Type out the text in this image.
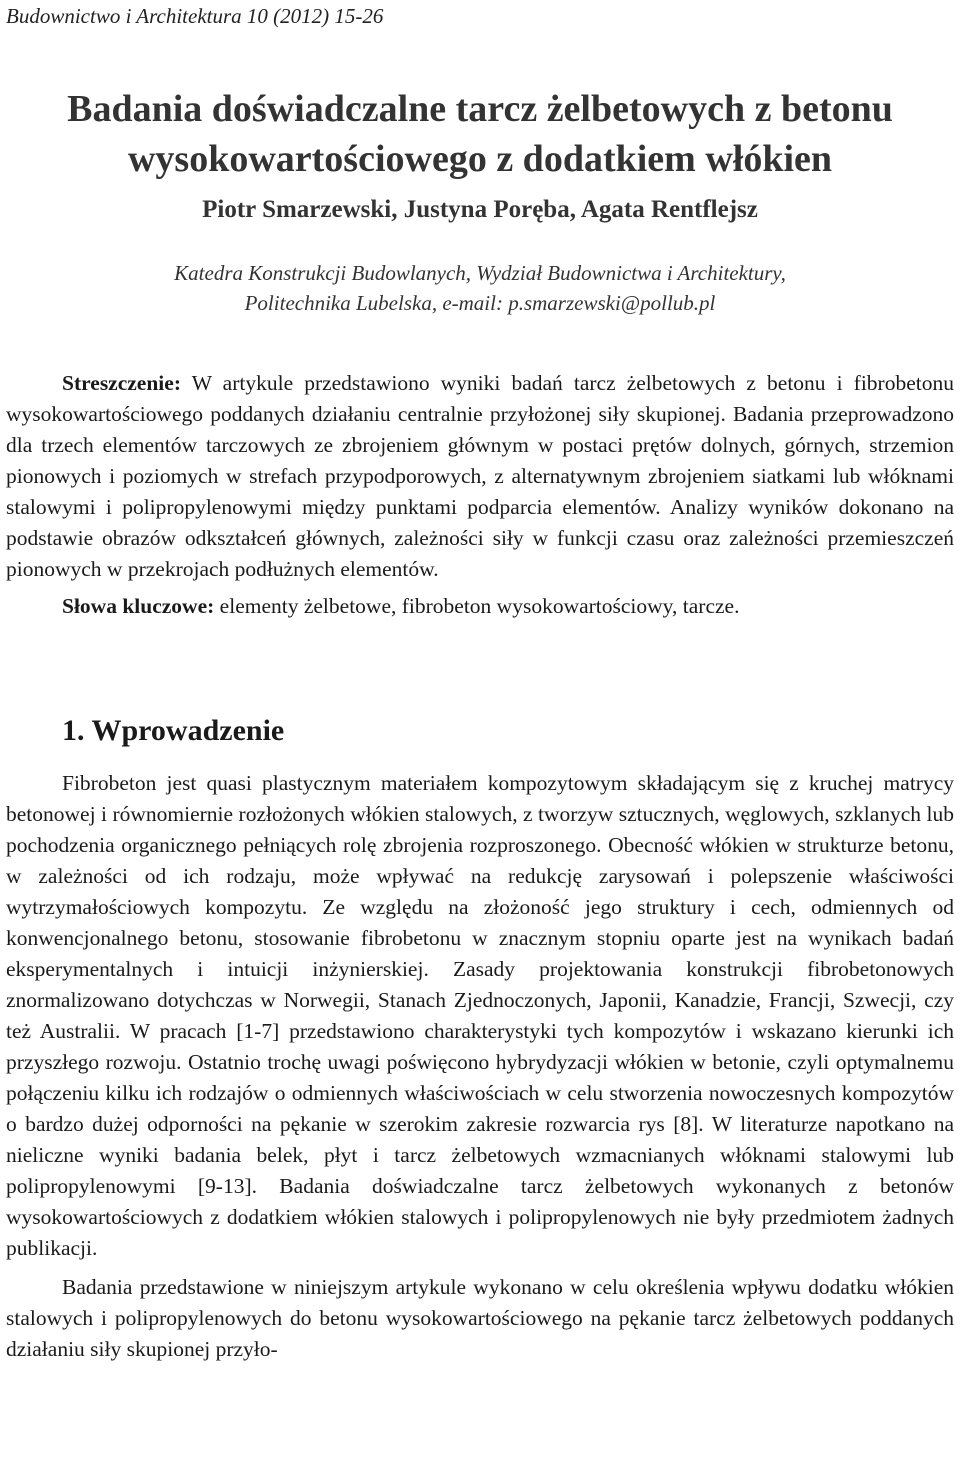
Budownictwo i Architektura 10 (2012) 15-26
Badania doświadczalne tarcz żelbetowych z betonu
wysokowartościowego z dodatkiem włókien
Piotr Smarzewski, Justyna Poręba, Agata Rentflejsz
Katedra Konstrukcji Budowlanych, Wydział Budownictwa i Architektury,
Politechnika Lubelska, e-mail: p.smarzewski@pollub.pl

Streszczenie: W artykule przedstawiono wyniki badań tarcz żelbetowych z betonu i fibrobetonu wysokowartościowego poddanych działaniu centralnie przyłożonej siły skupionej. Badania przeprowadzono dla trzech elementów tarczowych ze zbrojeniem głównym w postaci prętów dolnych, górnych, strzemion pionowych i poziomych w strefach przypodporowych, z alternatywnym zbrojeniem siatkami lub włóknami stalowymi i polipropylenowymi między punktami podparcia elementów. Analizy wyników dokonano na podstawie obrazów odkształceń głównych, zależności siły w funkcji czasu oraz zależności przemieszczeń pionowych w przekrojach podłużnych elementów.

Słowa kluczowe: elementy żelbetowe, fibrobeton wysokowartościowy, tarcze.

1. Wprowadzenie

Fibrobeton jest quasi plastycznym materiałem kompozytowym składającym się z kruchej matrycy betonowej i równomiernie rozłożonych włókien stalowych, z tworzyw sztucznych, węglowych, szklanych lub pochodzenia organicznego pełniących rolę zbrojenia rozproszonego. Obecność włókien w strukturze betonu, w zależności od ich rodzaju, może wpływać na redukcję zarysowań i polepszenie właściwości wytrzymałościowych kompozytu. Ze względu na złożoność jego struktury i cech, odmiennych od konwencjonalnego betonu, stosowanie fibrobetonu w znacznym stopniu oparte jest na wynikach badań eksperymentalnych i intuicji inżynierskiej. Zasady projektowania konstrukcji fibrobetonowych znormalizowano dotychczas w Norwegii, Stanach Zjednoczonych, Japonii, Kanadzie, Francji, Szwecji, czy też Australii. W pracach [1-7] przedstawiono charakterystyki tych kompozytów i wskazano kierunki ich przyszłego rozwoju. Ostatnio trochę uwagi poświęcono hybrydyzacji włókien w betonie, czyli optymalnemu połączeniu kilku ich rodzajów o odmiennych właściwościach w celu stworzenia nowoczesnych kompozytów o bardzo dużej odporności na pękanie w szerokim zakresie rozwarcia rys [8]. W literaturze napotkano na nieliczne wyniki badania belek, płyt i tarcz żelbetowych wzmacnianych włóknami stalowymi lub polipropylenowymi [9-13]. Badania doświadczalne tarcz żelbetowych wykonanych z betonów wysokowartościowych z dodatkiem włókien stalowych i polipropylenowych nie były przedmiotem żadnych publikacji.

Badania przedstawione w niniejszym artykule wykonano w celu określenia wpływu dodatku włókien stalowych i polipropylenowych do betonu wysokowartościowego na pękanie tarcz żelbetowych poddanych działaniu siły skupionej przyło-
